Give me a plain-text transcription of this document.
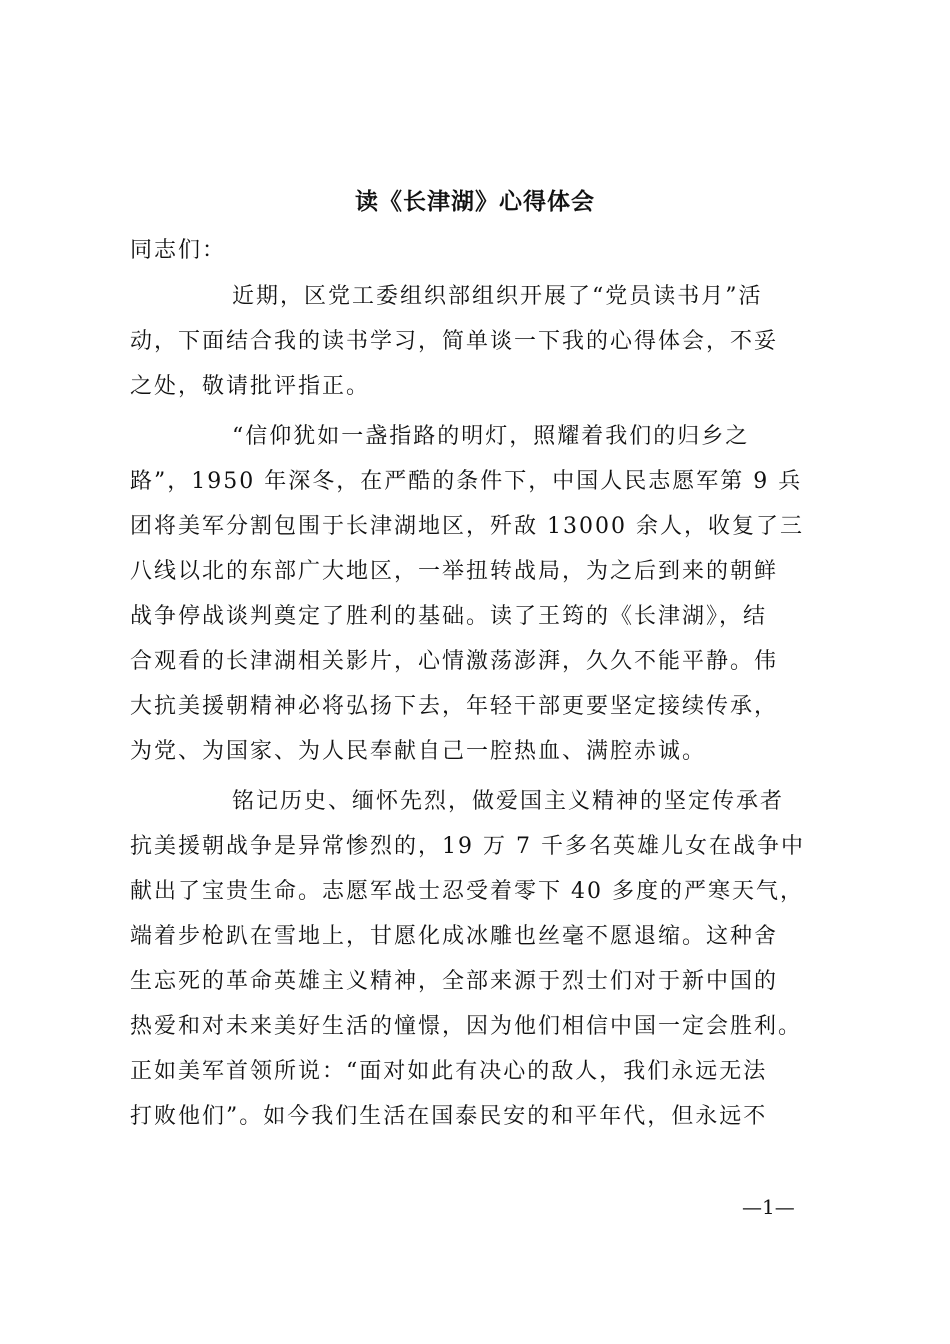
读《长津湖》心得体会
同志们：
近期，区党工委组织部组织开展了“党员读书月”活
动，下面结合我的读书学习，简单谈一下我的心得体会，不妥
之处，敬请批评指正。
“信仰犹如一盏指路的明灯，照耀着我们的归乡之
路”，1950 年深冬，在严酷的条件下，中国人民志愿军第 9 兵
团将美军分割包围于长津湖地区，歼敌 13000 余人，收复了三
八线以北的东部广大地区，一举扭转战局，为之后到来的朝鲜
战争停战谈判奠定了胜利的基础。读了王筠的《长津湖》，结
合观看的长津湖相关影片，心情激荡澎湃，久久不能平静。伟
大抗美援朝精神必将弘扬下去，年轻干部更要坚定接续传承，
为党、为国家、为人民奉献自己一腔热血、满腔赤诚。
铭记历史、缅怀先烈，做爱国主义精神的坚定传承者
抗美援朝战争是异常惨烈的，19 万 7 千多名英雄儿女在战争中
献出了宝贵生命。志愿军战士忍受着零下 40 多度的严寒天气，
端着步枪趴在雪地上，甘愿化成冰雕也丝毫不愿退缩。这种舍
生忘死的革命英雄主义精神，全部来源于烈士们对于新中国的
热爱和对未来美好生活的憧憬，因为他们相信中国一定会胜利。
正如美军首领所说：“面对如此有决心的敌人，我们永远无法
打败他们”。如今我们生活在国泰民安的和平年代，但永远不
—1—
